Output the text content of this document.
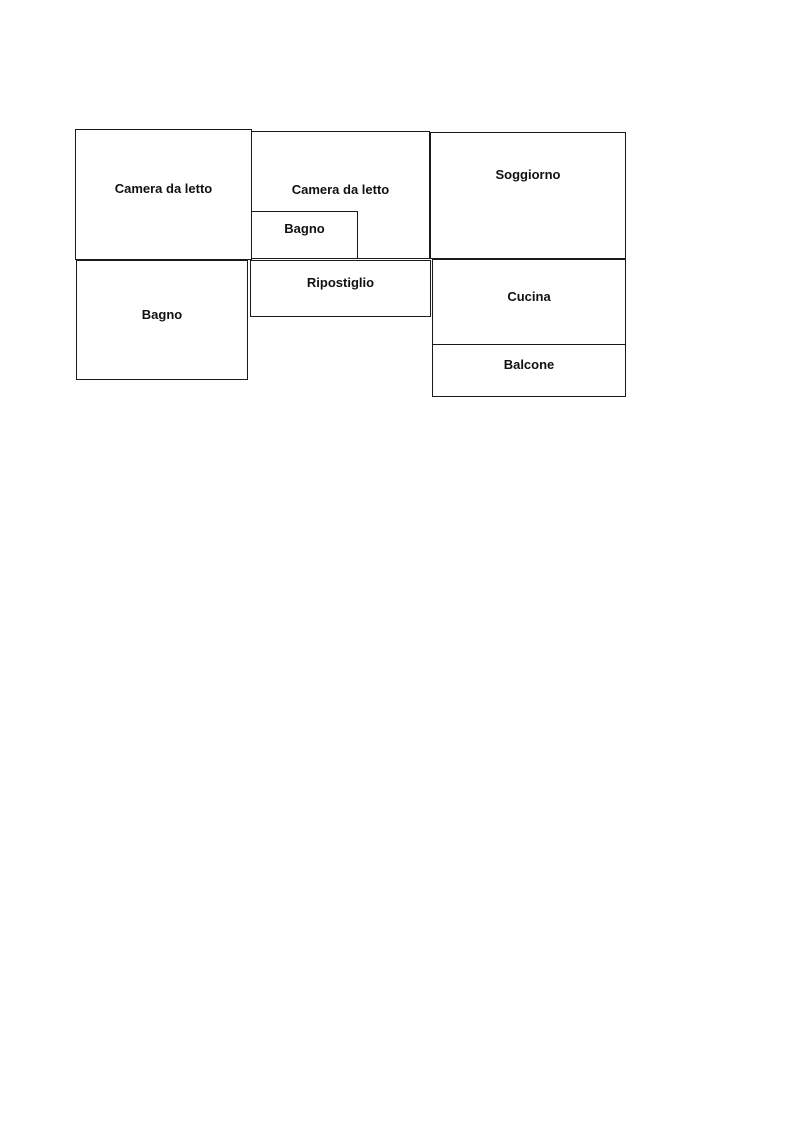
Camera da letto	Camera da letto
Bagno
Soggiorno
Bagno
Ripostiglio
Cucina
Balcone
